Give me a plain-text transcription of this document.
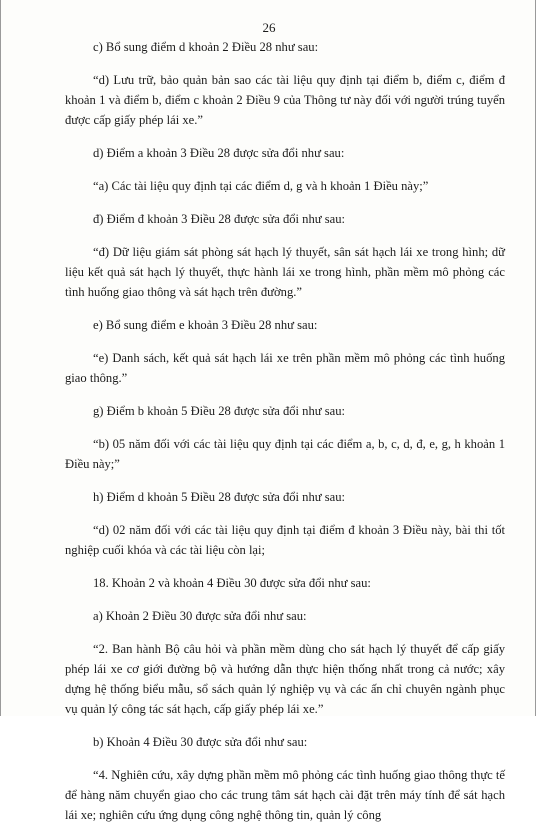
26

c) Bổ sung điểm d khoản 2 Điều 28 như sau:

“d) Lưu trữ, bảo quản bản sao các tài liệu quy định tại điểm b, điểm c, điểm đ khoản 1 và điểm b, điểm c khoản 2 Điều 9 của Thông tư này đối với người trúng tuyển được cấp giấy phép lái xe.”

d) Điểm a khoản 3 Điều 28 được sửa đổi như sau:

“a) Các tài liệu quy định tại các điểm d, g và h khoản 1 Điều này;”

đ) Điểm đ khoản 3 Điều 28 được sửa đổi như sau:

“đ) Dữ liệu giám sát phòng sát hạch lý thuyết, sân sát hạch lái xe trong hình; dữ liệu kết quả sát hạch lý thuyết, thực hành lái xe trong hình, phần mềm mô phỏng các tình huống giao thông và sát hạch trên đường.”

e) Bổ sung điểm e khoản 3 Điều 28 như sau:

“e) Danh sách, kết quả sát hạch lái xe trên phần mềm mô phỏng các tình huống giao thông.”

g) Điểm b khoản 5 Điều 28 được sửa đổi như sau:

“b) 05 năm đối với các tài liệu quy định tại các điểm a, b, c, d, đ, e, g, h khoản 1 Điều này;”

h) Điểm d khoản 5 Điều 28 được sửa đổi như sau:

“d) 02 năm đối với các tài liệu quy định tại điểm đ khoản 3 Điều này, bài thi tốt nghiệp cuối khóa và các tài liệu còn lại;

18. Khoản 2 và khoản 4 Điều 30 được sửa đổi như sau:

a) Khoản 2 Điều 30 được sửa đổi như sau:

“2. Ban hành Bộ câu hỏi và phần mềm dùng cho sát hạch lý thuyết để cấp giấy phép lái xe cơ giới đường bộ và hướng dẫn thực hiện thống nhất trong cả nước; xây dựng hệ thống biểu mẫu, sổ sách quản lý nghiệp vụ và các ấn chỉ chuyên ngành phục vụ quản lý công tác sát hạch, cấp giấy phép lái xe.”

b) Khoản 4 Điều 30 được sửa đổi như sau:

“4. Nghiên cứu, xây dựng phần mềm mô phỏng các tình huống giao thông thực tế để hàng năm chuyển giao cho các trung tâm sát hạch cài đặt trên máy tính để sát hạch lái xe; nghiên cứu ứng dụng công nghệ thông tin, quản lý công
